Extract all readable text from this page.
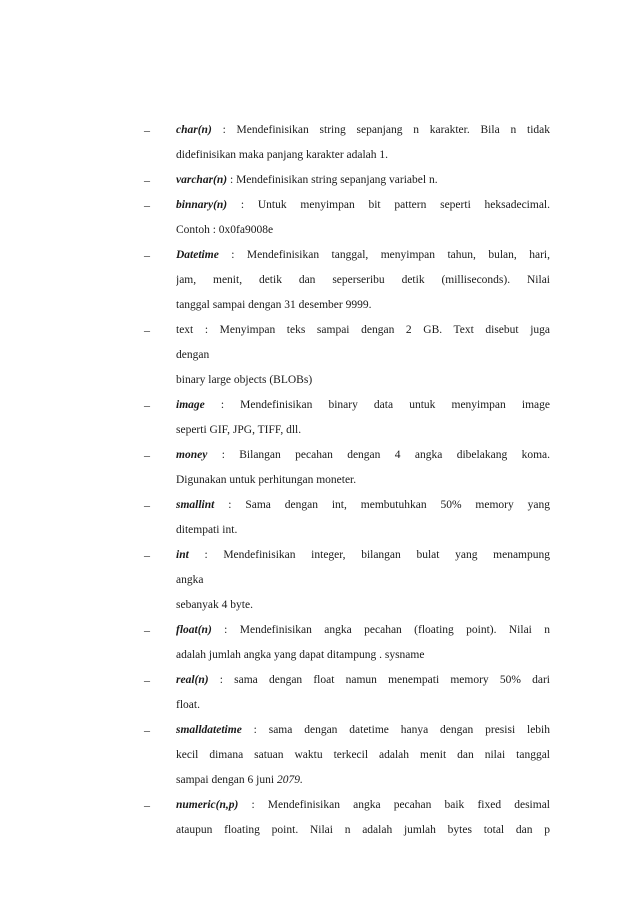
–	char(n) : Mendefinisikan string sepanjang n karakter. Bila n tidak
didefinisikan maka panjang karakter adalah 1.
–	varchar(n) : Mendefinisikan string sepanjang variabel n.
–	binnary(n) : Untuk menyimpan bit pattern seperti heksadecimal.
Contoh : 0x0fa9008e
–	Datetime : Mendefinisikan tanggal, menyimpan tahun, bulan, hari,
jam, menit, detik dan seperseribu detik (milliseconds). Nilai
tanggal sampai dengan 31 desember 9999.
–	text : Menyimpan teks sampai dengan 2 GB. Text disebut juga
dengan
binary large objects (BLOBs)
–	image : Mendefinisikan binary data untuk menyimpan image
seperti GIF, JPG, TIFF, dll.
–	money : Bilangan pecahan dengan 4 angka dibelakang koma.
Digunakan untuk perhitungan moneter.
–	smallint : Sama dengan int, membutuhkan 50% memory yang
ditempati int.
–	int : Mendefinisikan integer, bilangan bulat yang menampung
angka
sebanyak 4 byte.
–	float(n) : Mendefinisikan angka pecahan (floating point). Nilai n
adalah jumlah angka yang dapat ditampung . sysname
–	real(n) : sama dengan float namun menempati memory 50% dari
float.
–	smalldatetime : sama dengan datetime hanya dengan presisi lebih
kecil dimana satuan waktu terkecil adalah menit dan nilai tanggal
sampai dengan 6 juni 2079.
–	numeric(n,p) : Mendefinisikan angka pecahan baik fixed desimal
ataupun floating point. Nilai n adalah jumlah bytes total dan p
